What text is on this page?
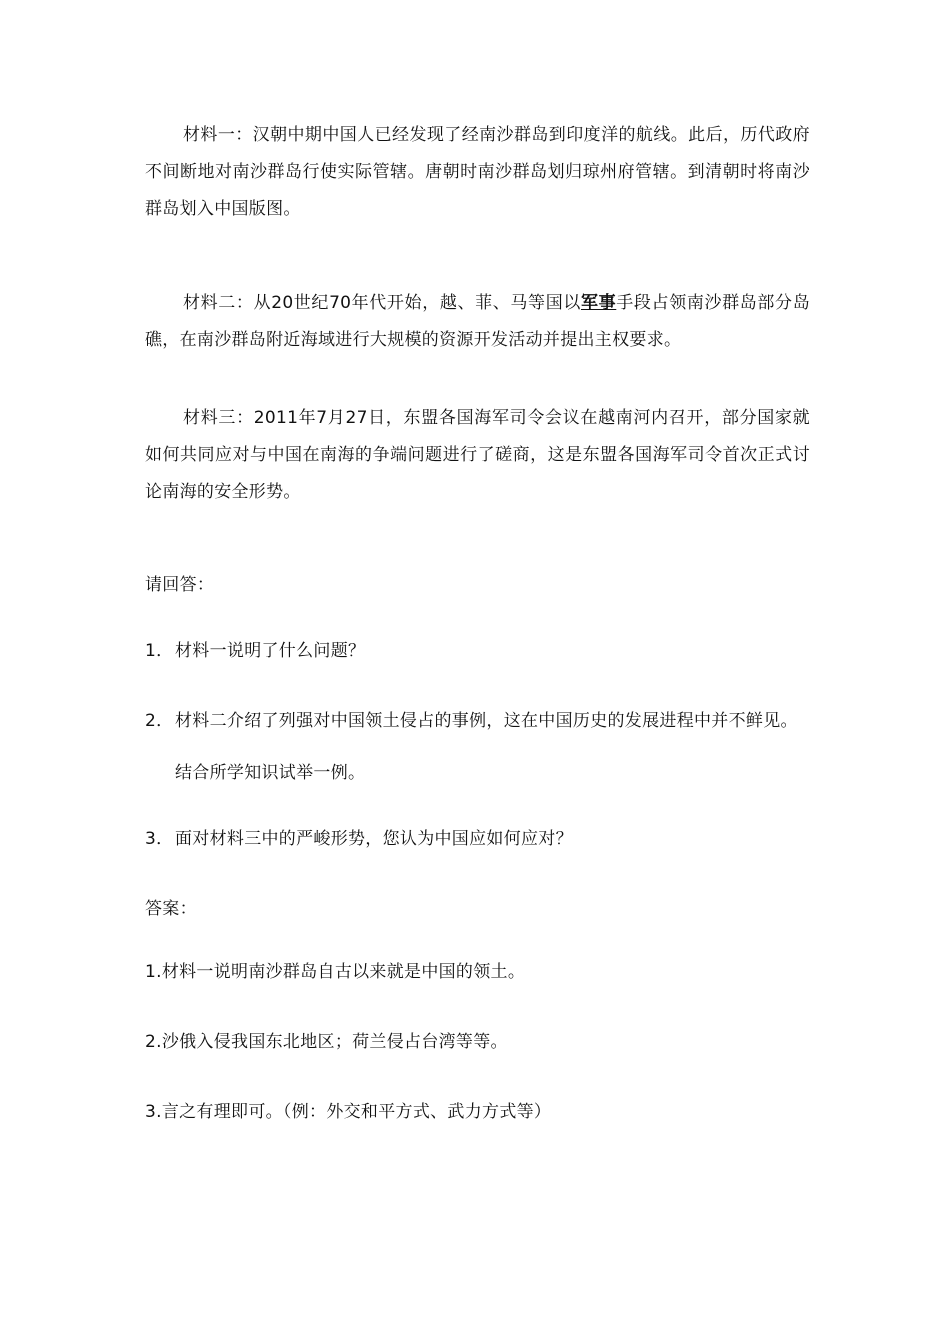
材料一：汉朝中期中国人已经发现了经南沙群岛到印度洋的航线。此后，历代政府不间断地对南沙群岛行使实际管辖。唐朝时南沙群岛划归琼州府管辖。到清朝时将南沙群岛划入中国版图。

材料二：从20世纪70年代开始，越、菲、马等国以军事手段占领南沙群岛部分岛礁，在南沙群岛附近海域进行大规模的资源开发活动并提出主权要求。

材料三：2011年7月27日，东盟各国海军司令会议在越南河内召开，部分国家就如何共同应对与中国在南海的争端问题进行了磋商，这是东盟各国海军司令首次正式讨论南海的安全形势。

请回答：

1．材料一说明了什么问题？

2．材料二介绍了列强对中国领土侵占的事例，这在中国历史的发展进程中并不鲜见。结合所学知识试举一例。

3．面对材料三中的严峻形势，您认为中国应如何应对？

答案：

1.材料一说明南沙群岛自古以来就是中国的领土。

2.沙俄入侵我国东北地区；荷兰侵占台湾等等。

3.言之有理即可。（例：外交和平方式、武力方式等）
